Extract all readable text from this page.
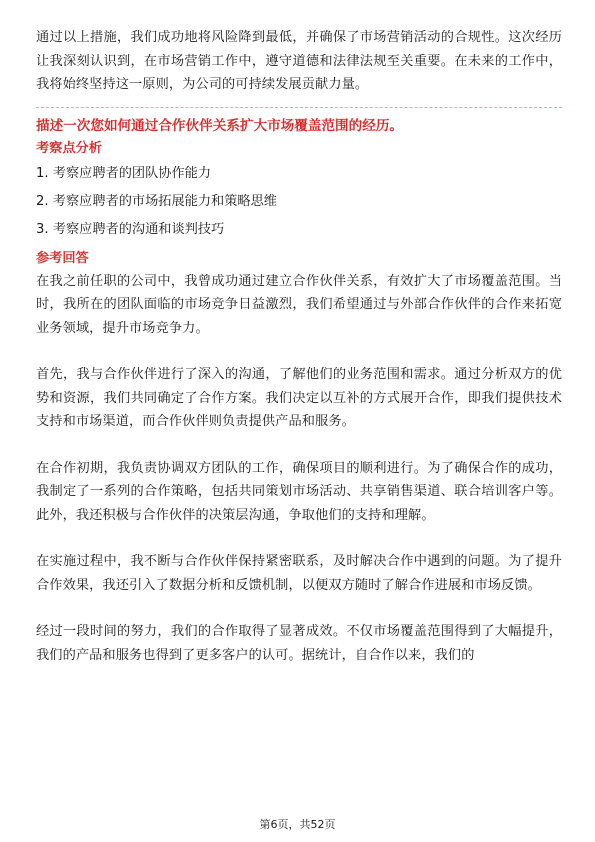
通过以上措施，我们成功地将风险降到最低，并确保了市场营销活动的合规性。这次经历让我深刻认识到，在市场营销工作中，遵守道德和法律法规至关重要。在未来的工作中，我将始终坚持这一原则，为公司的可持续发展贡献力量。

描述一次您如何通过合作伙伴关系扩大市场覆盖范围的经历。

考察点分析

1. 考察应聘者的团队协作能力
2. 考察应聘者的市场拓展能力和策略思维
3. 考察应聘者的沟通和谈判技巧

参考回答

在我之前任职的公司中，我曾成功通过建立合作伙伴关系，有效扩大了市场覆盖范围。当时，我所在的团队面临的市场竞争日益激烈，我们希望通过与外部合作伙伴的合作来拓宽业务领域，提升市场竞争力。

首先，我与合作伙伴进行了深入的沟通，了解他们的业务范围和需求。通过分析双方的优势和资源，我们共同确定了合作方案。我们决定以互补的方式展开合作，即我们提供技术支持和市场渠道，而合作伙伴则负责提供产品和服务。

在合作初期，我负责协调双方团队的工作，确保项目的顺利进行。为了确保合作的成功，我制定了一系列的合作策略，包括共同策划市场活动、共享销售渠道、联合培训客户等。此外，我还积极与合作伙伴的决策层沟通，争取他们的支持和理解。

在实施过程中，我不断与合作伙伴保持紧密联系，及时解决合作中遇到的问题。为了提升合作效果，我还引入了数据分析和反馈机制，以便双方随时了解合作进展和市场反馈。

经过一段时间的努力，我们的合作取得了显著成效。不仅市场覆盖范围得到了大幅提升，我们的产品和服务也得到了更多客户的认可。据统计，自合作以来，我们的

第6页，共52页
